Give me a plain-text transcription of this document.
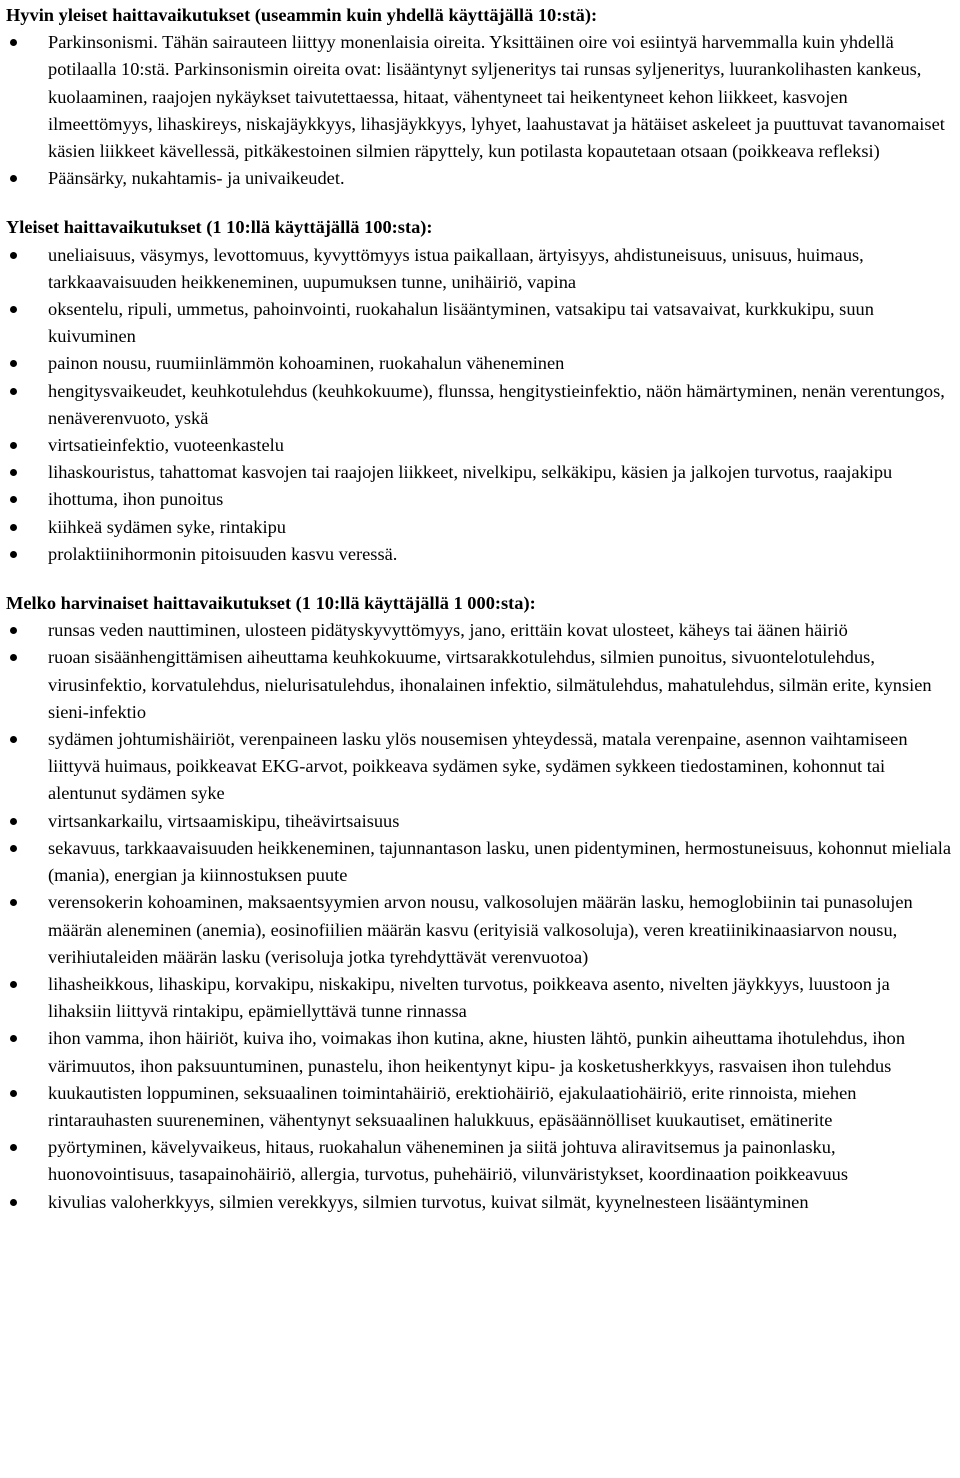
Hyvin yleiset haittavaikutukset (useammin kuin yhdellä käyttäjällä 10:stä):

Parkinsonismi. Tähän sairauteen liittyy monenlaisia oireita. Yksittäinen oire voi esiintyä harvemmalla kuin yhdellä potilaalla 10:stä. Parkinsonismin oireita ovat: lisääntynyt syljeneritys tai runsas syljeneritys, luurankolihasten kankeus, kuolaaminen, raajojen nykäykset taivutettaessa, hitaat, vähentyneet tai heikentyneet kehon liikkeet, kasvojen ilmeettömyys, lihaskireys, niskajäykkyys, lihasjäykkyys, lyhyet, laahustavat ja hätäiset askeleet ja puuttuvat tavanomaiset käsien liikkeet kävellessä, pitkäkestoinen silmien räpyttely, kun potilasta kopautetaan otsaan (poikkeava refleksi)
Päänsärky, nukahtamis- ja univaikeudet.

Yleiset haittavaikutukset (1 10:llä käyttäjällä 100:sta):

uneliaisuus, väsymys, levottomuus, kyvyttömyys istua paikallaan, ärtyisyys, ahdistuneisuus, unisuus, huimaus, tarkkaavaisuuden heikkeneminen, uupumuksen tunne, unihäiriö, vapina
oksentelu, ripuli, ummetus, pahoinvointi, ruokahalun lisääntyminen, vatsakipu tai vatsavaivat, kurkkukipu, suun kuivuminen
painon nousu, ruumiinlämmön kohoaminen, ruokahalun väheneminen
hengitysvaikeudet, keuhkotulehdus (keuhkokuume), flunssa, hengitystieinfektio, näön hämärtyminen, nenän verentungos, nenäverenvuoto, yskä
virtsatieinfektio, vuoteenkastelu
lihaskouristus, tahattomat kasvojen tai raajojen liikkeet, nivelkipu, selkäkipu, käsien ja jalkojen turvotus, raajakipu
ihottuma, ihon punoitus
kiihkeä sydämen syke, rintakipu
prolaktiinihormonin pitoisuuden kasvu veressä.

Melko harvinaiset haittavaikutukset (1 10:llä käyttäjällä 1 000:sta):

runsas veden nauttiminen, ulosteen pidätyskyvyttömyys, jano, erittäin kovat ulosteet, käheys tai äänen häiriö
ruoan sisäänhengittämisen aiheuttama keuhkokuume, virtsarakkotulehdus, silmien punoitus, sivuontelotulehdus, virusinfektio, korvatulehdus, nielurisatulehdus, ihonalainen infektio, silmätulehdus, mahatulehdus, silmän erite, kynsien sieni-infektio
sydämen johtumishäiriöt, verenpaineen lasku ylös nousemisen yhteydessä, matala verenpaine, asennon vaihtamiseen liittyvä huimaus, poikkeavat EKG-arvot, poikkeava sydämen syke, sydämen sykkeen tiedostaminen, kohonnut tai alentunut sydämen syke
virtsankarkailu, virtsaamiskipu, tiheävirtsaisuus
sekavuus, tarkkaavaisuuden heikkeneminen, tajunnantason lasku, unen pidentyminen, hermostuneisuus, kohonnut mieliala (mania), energian ja kiinnostuksen puute
verensokerin kohoaminen, maksaentsyymien arvon nousu, valkosolujen määrän lasku, hemoglobiinin tai punasolujen määrän aleneminen (anemia), eosinofiilien määrän kasvu (erityisiä valkosoluja), veren kreatiinikinaasiarvon nousu, verihiutaleiden määrän lasku (verisoluja jotka tyrehdyttävät verenvuotoa)
lihasheikkous, lihaskipu, korvakipu, niskakipu, nivelten turvotus, poikkeava asento, nivelten jäykkyys, luustoon ja lihaksiin liittyvä rintakipu, epämiellyttävä tunne rinnassa
ihon vamma, ihon häiriöt, kuiva iho, voimakas ihon kutina, akne, hiusten lähtö, punkin aiheuttama ihotulehdus, ihon värimuutos, ihon paksuuntuminen, punastelu, ihon heikentynyt kipu- ja kosketusherkkyys, rasvaisen ihon tulehdus
kuukautisten loppuminen, seksuaalinen toimintahäiriö, erektiohäiriö, ejakulaatiohäiriö, erite rinnoista, miehen rintarauhasten suureneminen, vähentynyt seksuaalinen halukkuus, epäsäännölliset kuukautiset, emätinerite
pyörtyminen, kävelyvaikeus, hitaus, ruokahalun väheneminen ja siitä johtuva aliravitsemus ja painonlasku, huonovointisuus, tasapainohäiriö, allergia, turvotus, puhehäiriö, vilunväristykset, koordinaation poikkeavuus
kivulias valoherkkyys, silmien verekkyys, silmien turvotus, kuivat silmät, kyynelnesteen lisääntyminen
